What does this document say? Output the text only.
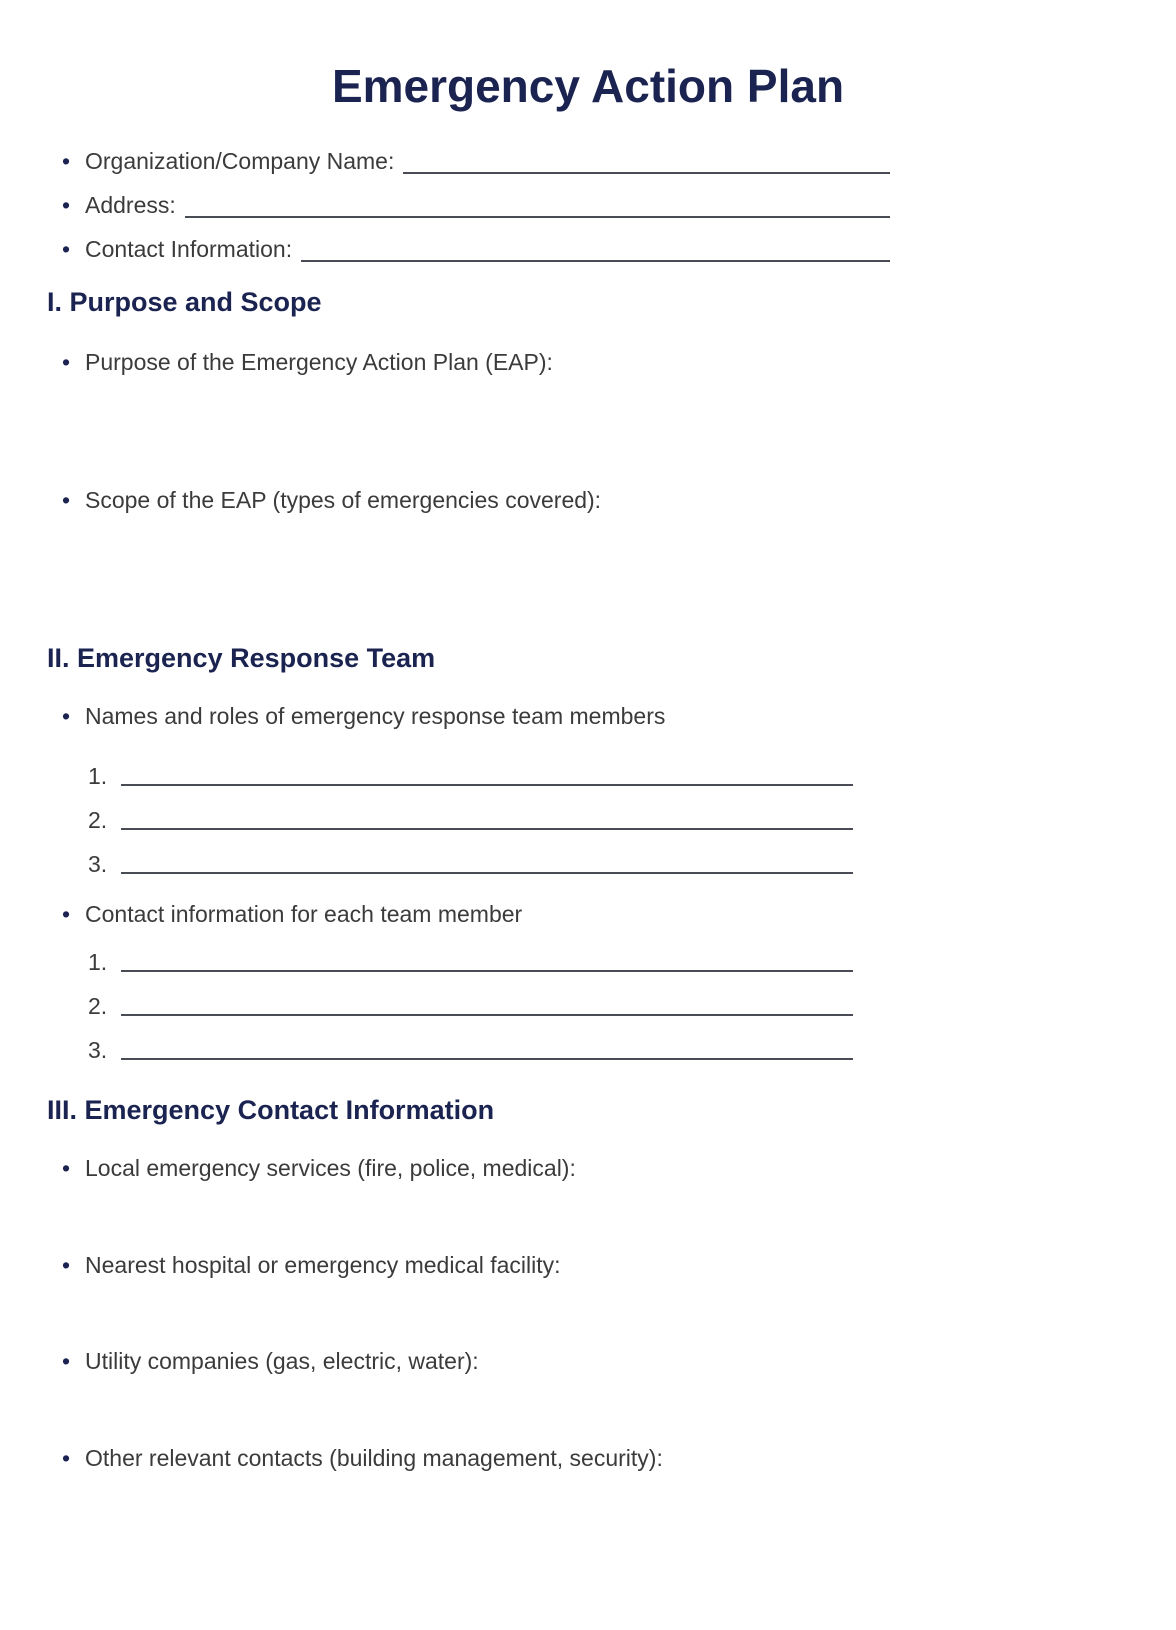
Emergency Action Plan
• Organization/Company Name:
• Address:
• Contact Information:
I. Purpose and Scope
• Purpose of the Emergency Action Plan (EAP):
• Scope of the EAP (types of emergencies covered):
II. Emergency Response Team
• Names and roles of emergency response team members
1.
2.
3.
• Contact information for each team member
1.
2.
3.
III. Emergency Contact Information
• Local emergency services (fire, police, medical):
• Nearest hospital or emergency medical facility:
• Utility companies (gas, electric, water):
• Other relevant contacts (building management, security):
